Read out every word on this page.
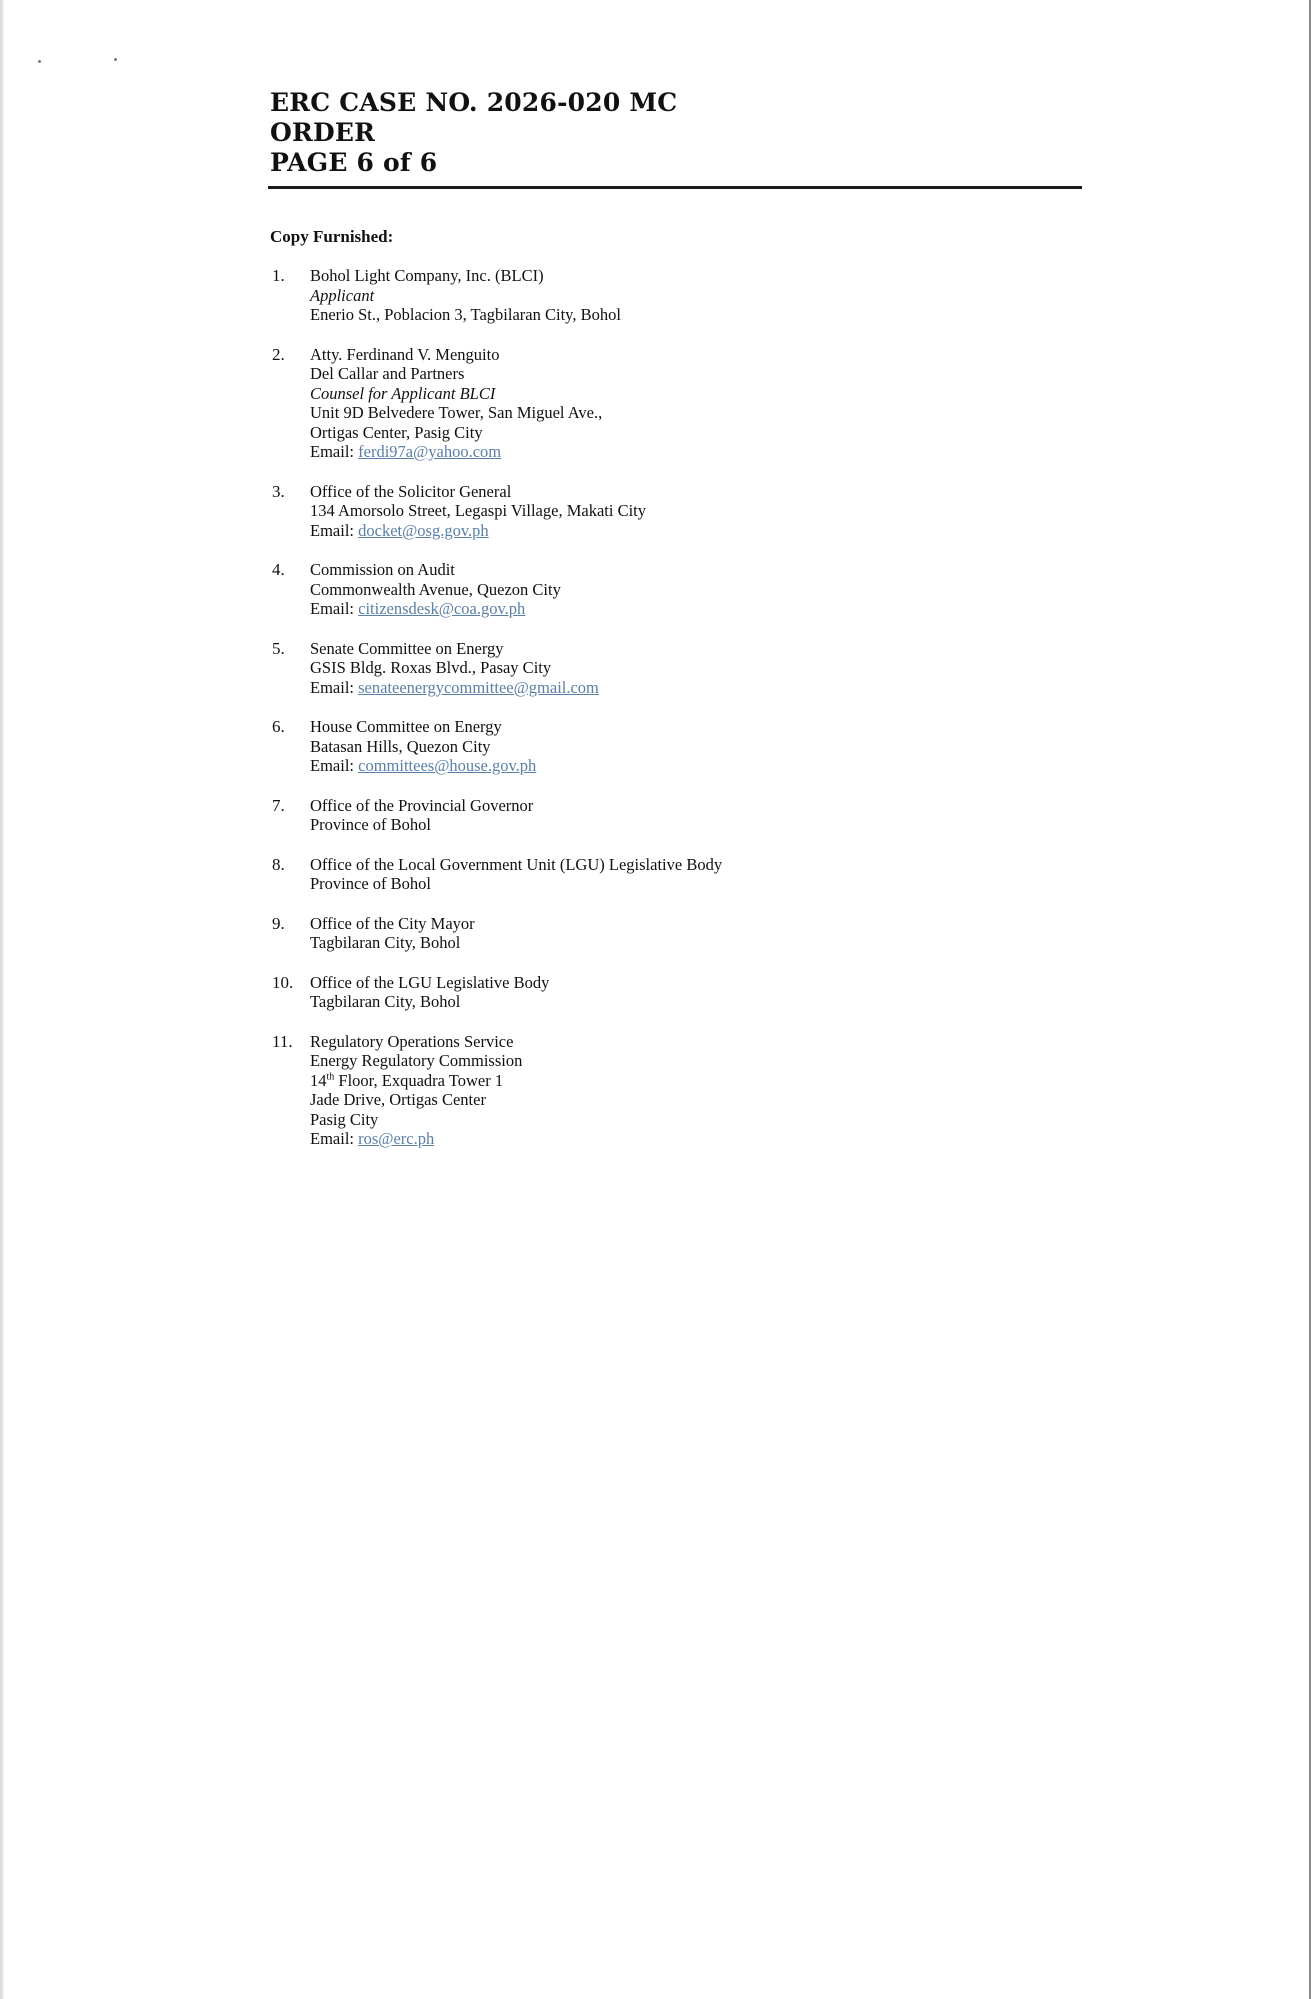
ERC CASE NO. 2026-020 MC
ORDER
PAGE 6 of 6
Copy Furnished:
1. Bohol Light Company, Inc. (BLCI)
Applicant
Enerio St., Poblacion 3, Tagbilaran City, Bohol
2. Atty. Ferdinand V. Menguito
Del Callar and Partners
Counsel for Applicant BLCI
Unit 9D Belvedere Tower, San Miguel Ave.,
Ortigas Center, Pasig City
Email: ferdi97a@yahoo.com
3. Office of the Solicitor General
134 Amorsolo Street, Legaspi Village, Makati City
Email: docket@osg.gov.ph
4. Commission on Audit
Commonwealth Avenue, Quezon City
Email: citizensdesk@coa.gov.ph
5. Senate Committee on Energy
GSIS Bldg. Roxas Blvd., Pasay City
Email: senateenergycommittee@gmail.com
6. House Committee on Energy
Batasan Hills, Quezon City
Email: committees@house.gov.ph
7. Office of the Provincial Governor
Province of Bohol
8. Office of the Local Government Unit (LGU) Legislative Body
Province of Bohol
9. Office of the City Mayor
Tagbilaran City, Bohol
10. Office of the LGU Legislative Body
Tagbilaran City, Bohol
11. Regulatory Operations Service
Energy Regulatory Commission
14th Floor, Exquadra Tower 1
Jade Drive, Ortigas Center
Pasig City
Email: ros@erc.ph
